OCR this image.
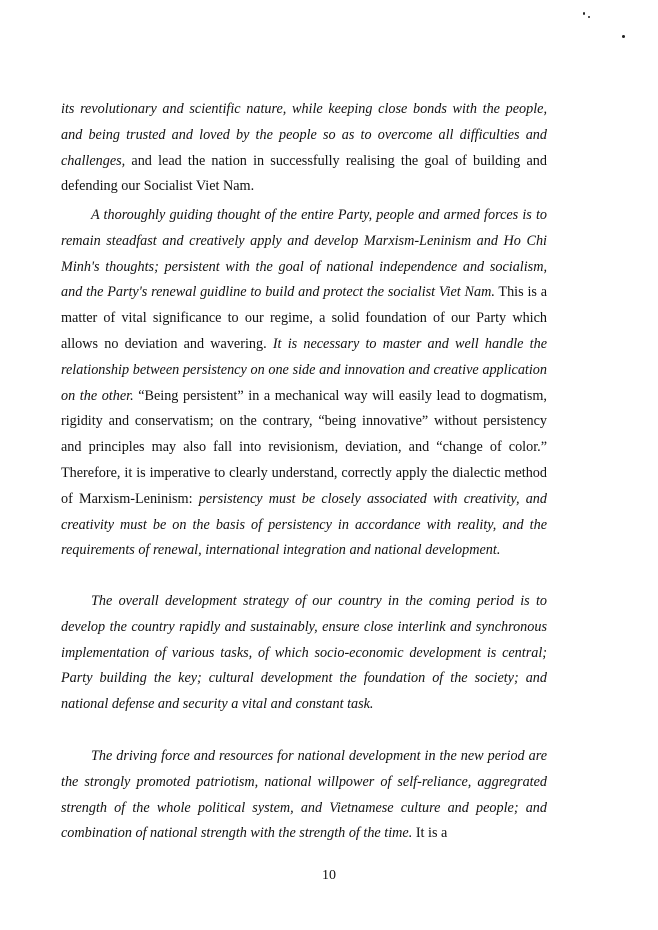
its revolutionary and scientific nature, while keeping close bonds with the people, and being trusted and loved by the people so as to overcome all difficulties and challenges, and lead the nation in successfully realising the goal of building and defending our Socialist Viet Nam.

A thoroughly guiding thought of the entire Party, people and armed forces is to remain steadfast and creatively apply and develop Marxism-Leninism and Ho Chi Minh's thoughts; persistent with the goal of national independence and socialism, and the Party's renewal guidline to build and protect the socialist Viet Nam. This is a matter of vital significance to our regime, a solid foundation of our Party which allows no deviation and wavering. It is necessary to master and well handle the relationship between persistency on one side and innovation and creative application on the other. “Being persistent” in a mechanical way will easily lead to dogmatism, rigidity and conservatism; on the contrary, “being innovative” without persistency and principles may also fall into revisionism, deviation, and “change of color.” Therefore, it is imperative to clearly understand, correctly apply the dialectic method of Marxism-Leninism: persistency must be closely associated with creativity, and creativity must be on the basis of persistency in accordance with reality, and the requirements of renewal, international integration and national development.

The overall development strategy of our country in the coming period is to develop the country rapidly and sustainably, ensure close interlink and synchronous implementation of various tasks, of which socio-economic development is central; Party building the key; cultural development the foundation of the society; and national defense and security a vital and constant task.

The driving force and resources for national development in the new period are the strongly promoted patriotism, national willpower of self-reliance, aggregrated strength of the whole political system, and Vietnamese culture and people; and combination of national strength with the strength of the time. It is a

10
